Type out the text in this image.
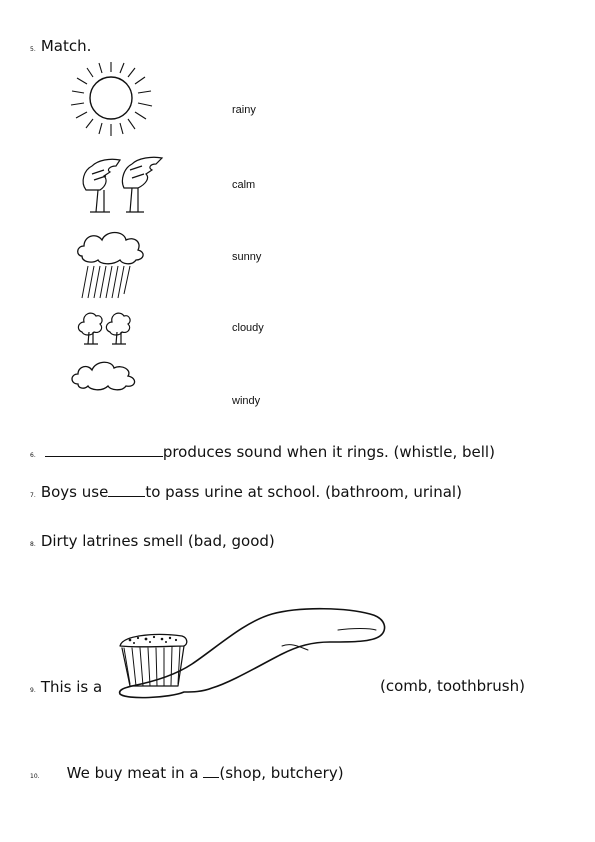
5. Match.
rainy
calm
sunny
cloudy
windy
6.	produces sound when it rings. (whistle, bell)
7. Boys use to pass urine at school. (bathroom, urinal)
8. Dirty latrines smell (bad, good)
9. This is a	(comb, toothbrush)
10. We buy meat in a (shop, butchery)
